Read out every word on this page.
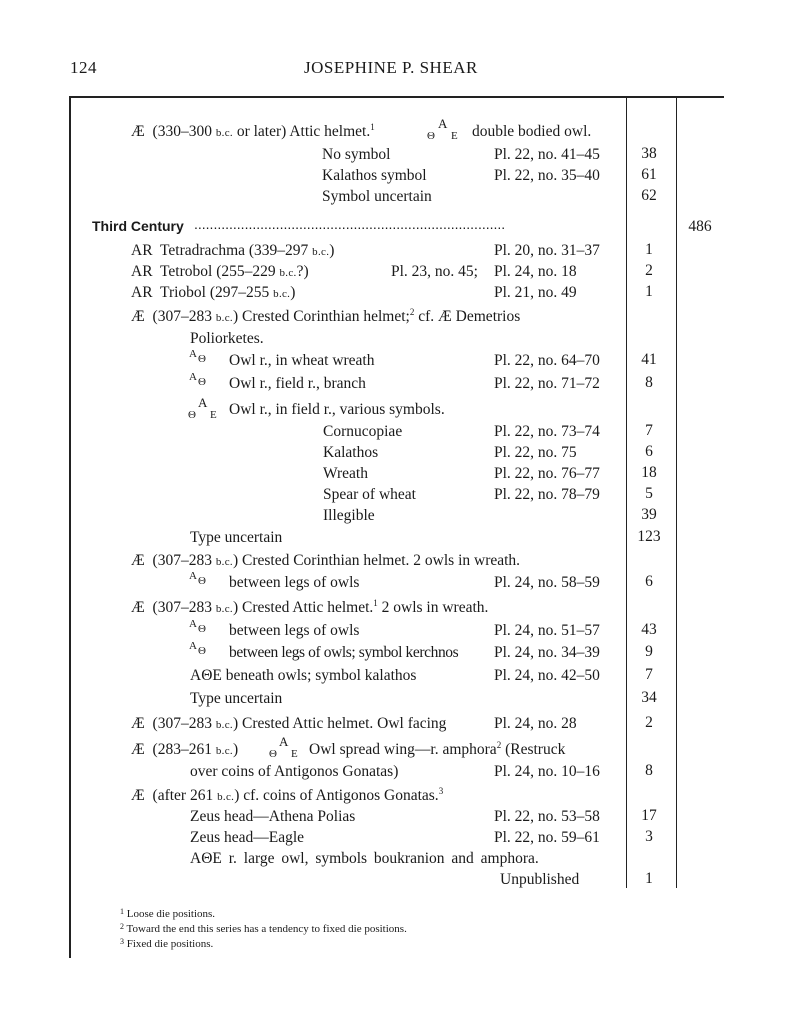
124	JOSEPHINE P. SHEAR
Æ (330–300 b.c. or later) Attic helmet.$^1$
Θ
A
E double bodied owl.
No symbol	Pl. 22, no. 41–45	38
Kalathos symbol	Pl. 22, no. 35–40	61
Symbol uncertain	62
Third Century ................................................................................	486
AR Tetradrachma (339–297 b.c.)	Pl. 20, no. 31–37	1
AR Tetrobol (255–229 b.c.?)	Pl. 23, no. 45; Pl. 24, no. 18	2
AR Triobol (297–255 b.c.)	Pl. 21, no. 49	1
Æ (307–283 b.c.) Crested Corinthian helmet;$^2$ cf. Æ Demetrios
Poliorketes.
A Θ Owl r., in wheat wreath	Pl. 22, no. 64–70	41
A Θ Owl r., field r., branch	Pl. 22, no. 71–72	8
Θ
A
E Owl r., in field r., various symbols.
Cornucopiae	Pl. 22, no. 73–74	7
Kalathos	Pl. 22, no. 75	6
Wreath	Pl. 22, no. 76–77	18
Spear of wheat	Pl. 22, no. 78–79	5
Illegible	39
Type uncertain	123
Æ (307–283 b.c.) Crested Corinthian helmet. 2 owls in wreath.
A Θ between legs of owls	Pl. 24, no. 58–59	6
Æ (307–283 b.c.) Crested Attic helmet.$^1$ 2 owls in wreath.
A Θ between legs of owls	Pl. 24, no. 51–57	43
A Θ between legs of owls; symbol kerchnos Pl. 24, no. 34–39	9
AΘE beneath owls; symbol kalathos	Pl. 24, no. 42–50	7
Type uncertain	34
Æ (307–283 b.c.) Crested Attic helmet. Owl facing	Pl. 24, no. 28	2
Æ (283–261 b.c.)	Θ
A
E Owl spread wing—r. amphora$^2$ (Restruck
over coins of Antigonos Gonatas)	Pl. 24, no. 10–16	8
Æ (after 261 b.c.) cf. coins of Antigonos Gonatas.$^3$
Zeus head—Athena Polias	Pl. 22, no. 53–58	17
Zeus head—Eagle	Pl. 22, no. 59–61	3
AΘE r. large owl, symbols boukranion and amphora.
Unpublished	1
$^1$ Loose die positions.
$^2$ Toward the end this series has a tendency to fixed die positions.
$^3$ Fixed die positions.
